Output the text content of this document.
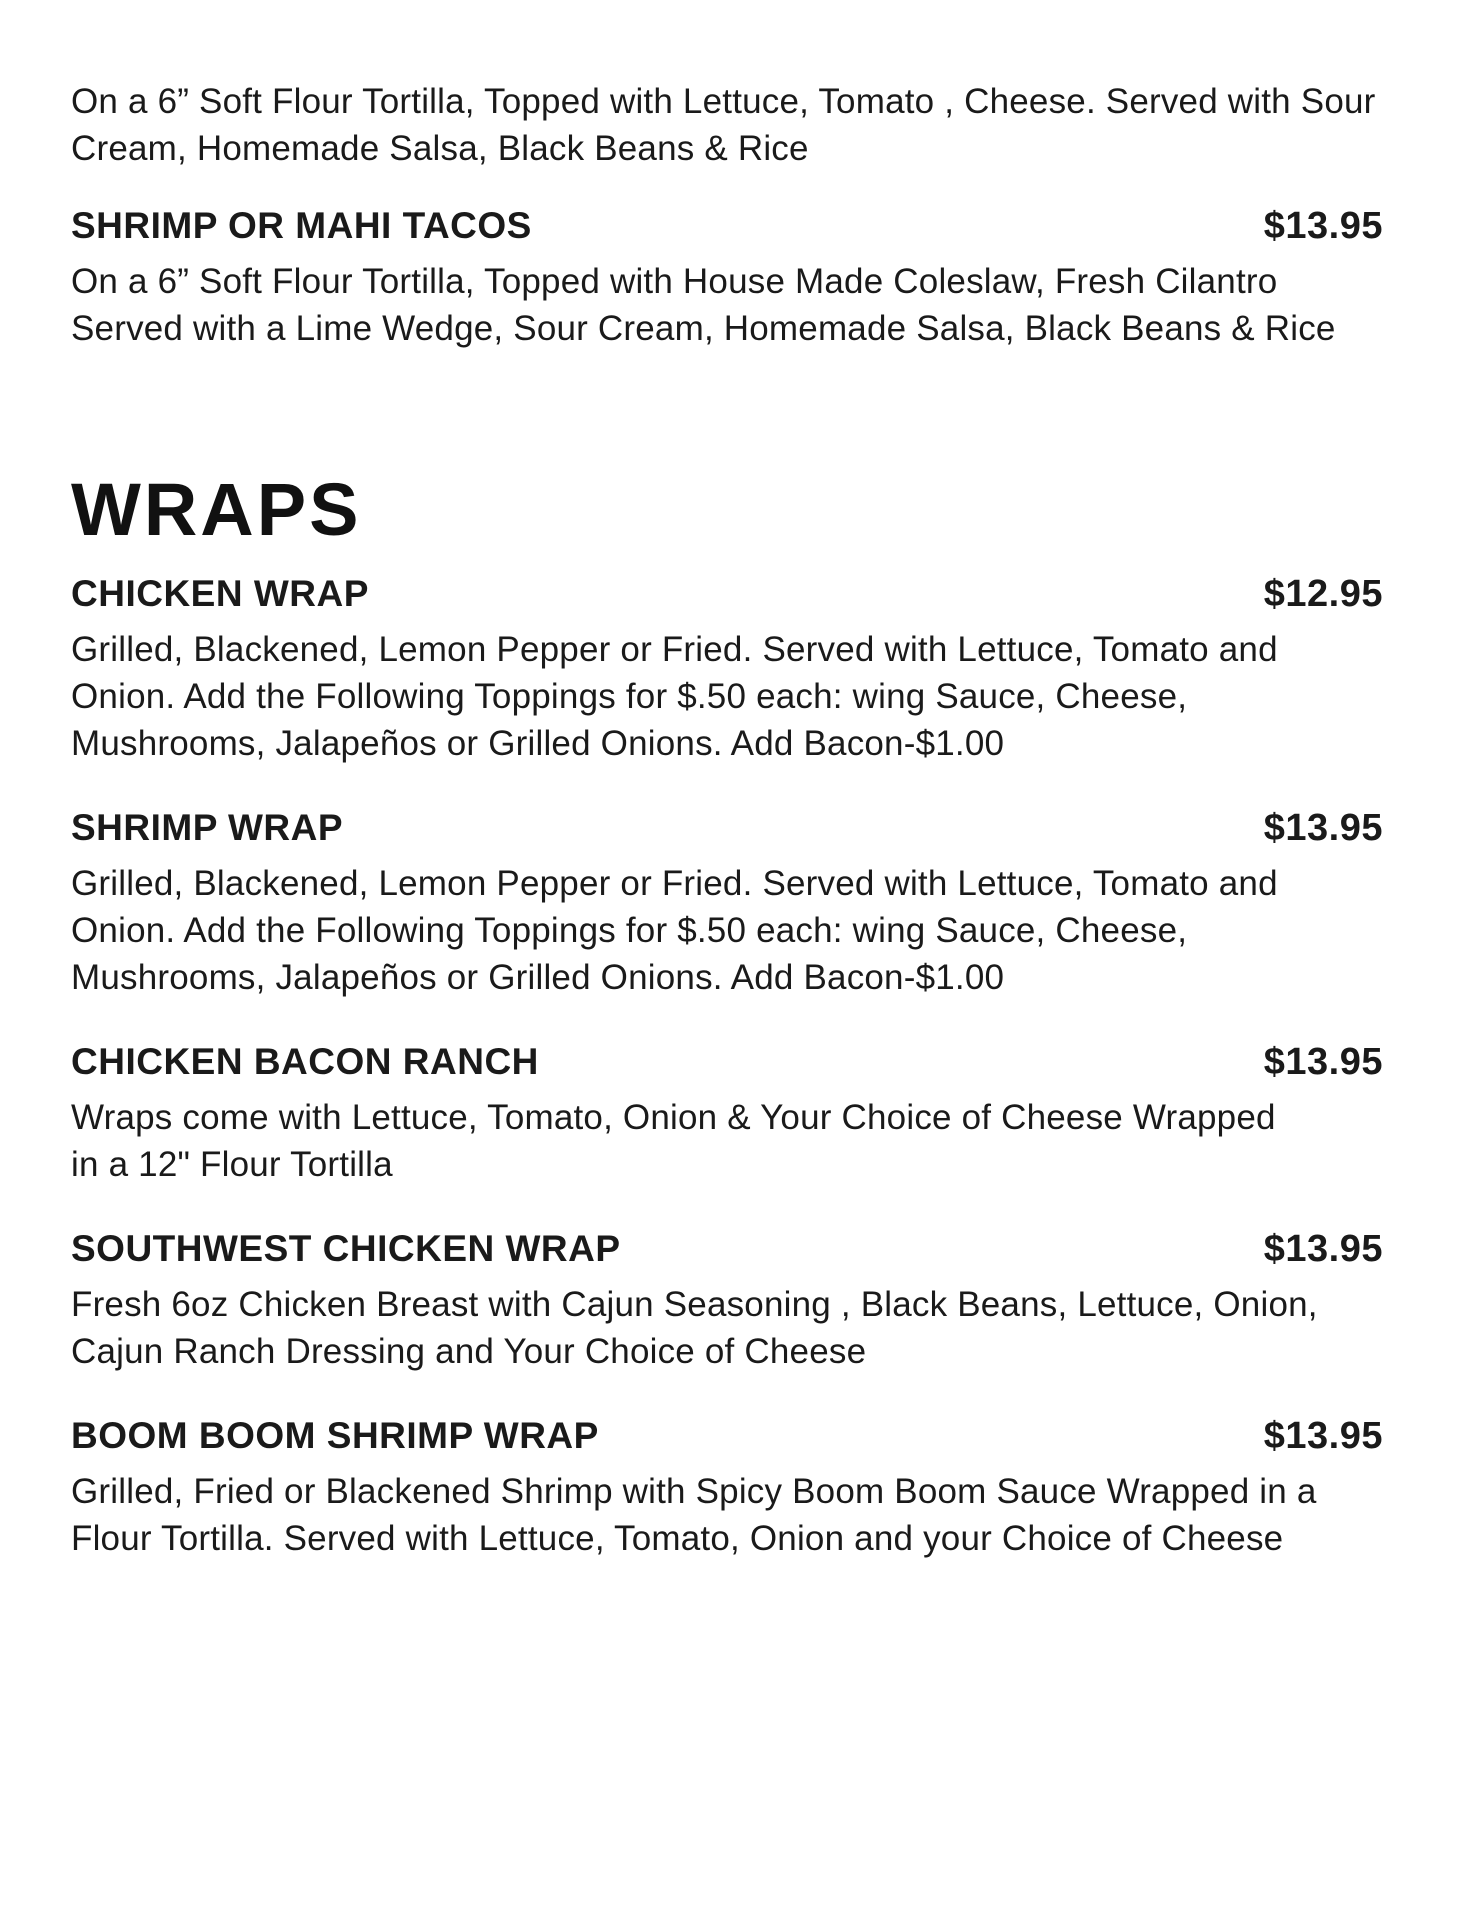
On a 6” Soft Flour Tortilla, Topped with Lettuce, Tomato , Cheese. Served with Sour Cream, Homemade Salsa, Black Beans & Rice

SHRIMP OR MAHI TACOS	$13.95

On a 6” Soft Flour Tortilla, Topped with House Made Coleslaw, Fresh Cilantro Served with a Lime Wedge, Sour Cream, Homemade Salsa, Black Beans & Rice

WRAPS
CHICKEN WRAP	$12.95

Grilled, Blackened, Lemon Pepper or Fried. Served with Lettuce, Tomato and Onion. Add the Following Toppings for $.50 each: wing Sauce, Cheese, Mushrooms, Jalapeños or Grilled Onions. Add Bacon-$1.00

SHRIMP WRAP	$13.95

Grilled, Blackened, Lemon Pepper or Fried. Served with Lettuce, Tomato and Onion. Add the Following Toppings for $.50 each: wing Sauce, Cheese, Mushrooms, Jalapeños or Grilled Onions. Add Bacon-$1.00

CHICKEN BACON RANCH	$13.95

Wraps come with Lettuce, Tomato, Onion & Your Choice of Cheese Wrapped in a 12" Flour Tortilla

SOUTHWEST CHICKEN WRAP	$13.95

Fresh 6oz Chicken Breast with Cajun Seasoning , Black Beans, Lettuce, Onion, Cajun Ranch Dressing and Your Choice of Cheese

BOOM BOOM SHRIMP WRAP	$13.95

Grilled, Fried or Blackened Shrimp with Spicy Boom Boom Sauce Wrapped in a Flour Tortilla. Served with Lettuce, Tomato, Onion and your Choice of Cheese
